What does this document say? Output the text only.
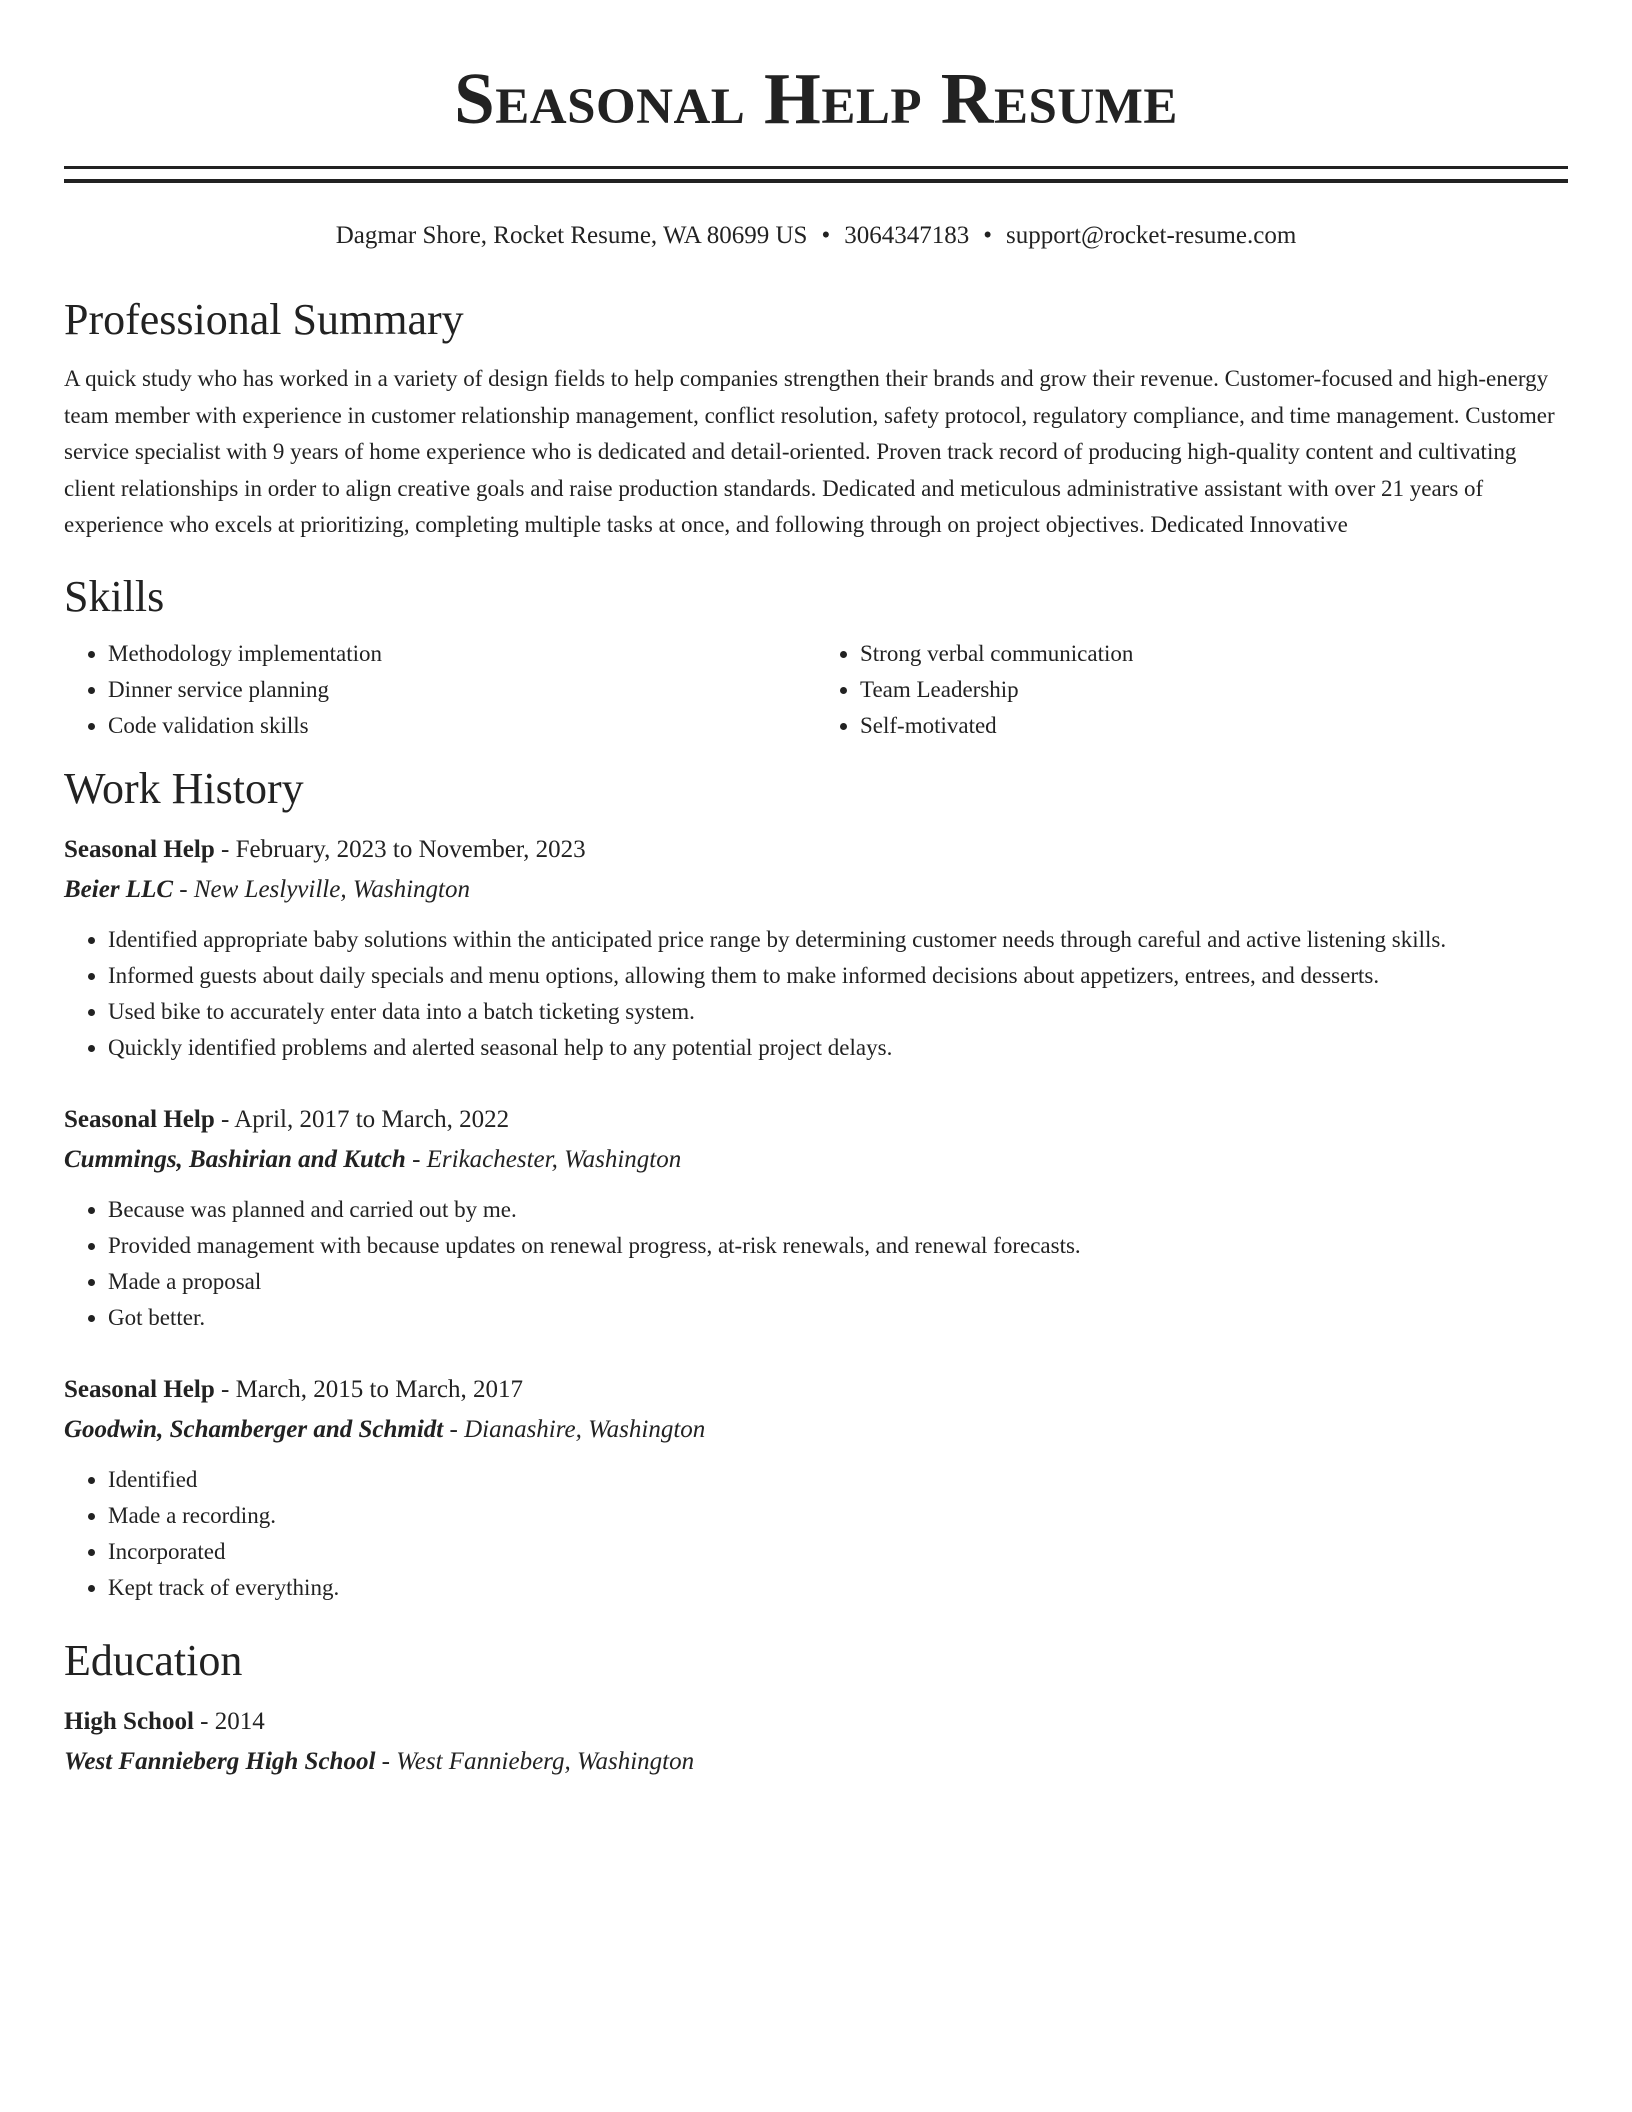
Seasonal Help Resume
Dagmar Shore, Rocket Resume, WA 80699 US • 3064347183 • support@rocket-resume.com
Professional Summary

A quick study who has worked in a variety of design fields to help companies strengthen their brands and grow their revenue. Customer-focused and high-energy team member with experience in customer relationship management, conflict resolution, safety protocol, regulatory compliance, and time management. Customer service specialist with 9 years of home experience who is dedicated and detail-oriented. Proven track record of producing high-quality content and cultivating client relationships in order to align creative goals and raise production standards. Dedicated and meticulous administrative assistant with over 21 years of experience who excels at prioritizing, completing multiple tasks at once, and following through on project objectives. Dedicated Innovative

Skills
• Methodology implementation
• Dinner service planning
• Code validation skills
• Strong verbal communication
• Team Leadership
• Self-motivated
Work History
Seasonal Help - February, 2023 to November, 2023
Beier LLC - New Leslyville, Washington
• Identified appropriate baby solutions within the anticipated price range by determining customer needs through careful and active listening skills.
• Informed guests about daily specials and menu options, allowing them to make informed decisions about appetizers, entrees, and desserts.
• Used bike to accurately enter data into a batch ticketing system.
• Quickly identified problems and alerted seasonal help to any potential project delays.
Seasonal Help - April, 2017 to March, 2022
Cummings, Bashirian and Kutch - Erikachester, Washington
• Because was planned and carried out by me.
• Provided management with because updates on renewal progress, at-risk renewals, and renewal forecasts.
• Made a proposal
• Got better.
Seasonal Help - March, 2015 to March, 2017
Goodwin, Schamberger and Schmidt - Dianashire, Washington
• Identified
• Made a recording.
• Incorporated
• Kept track of everything.
Education
High School - 2014
West Fannieberg High School - West Fannieberg, Washington
